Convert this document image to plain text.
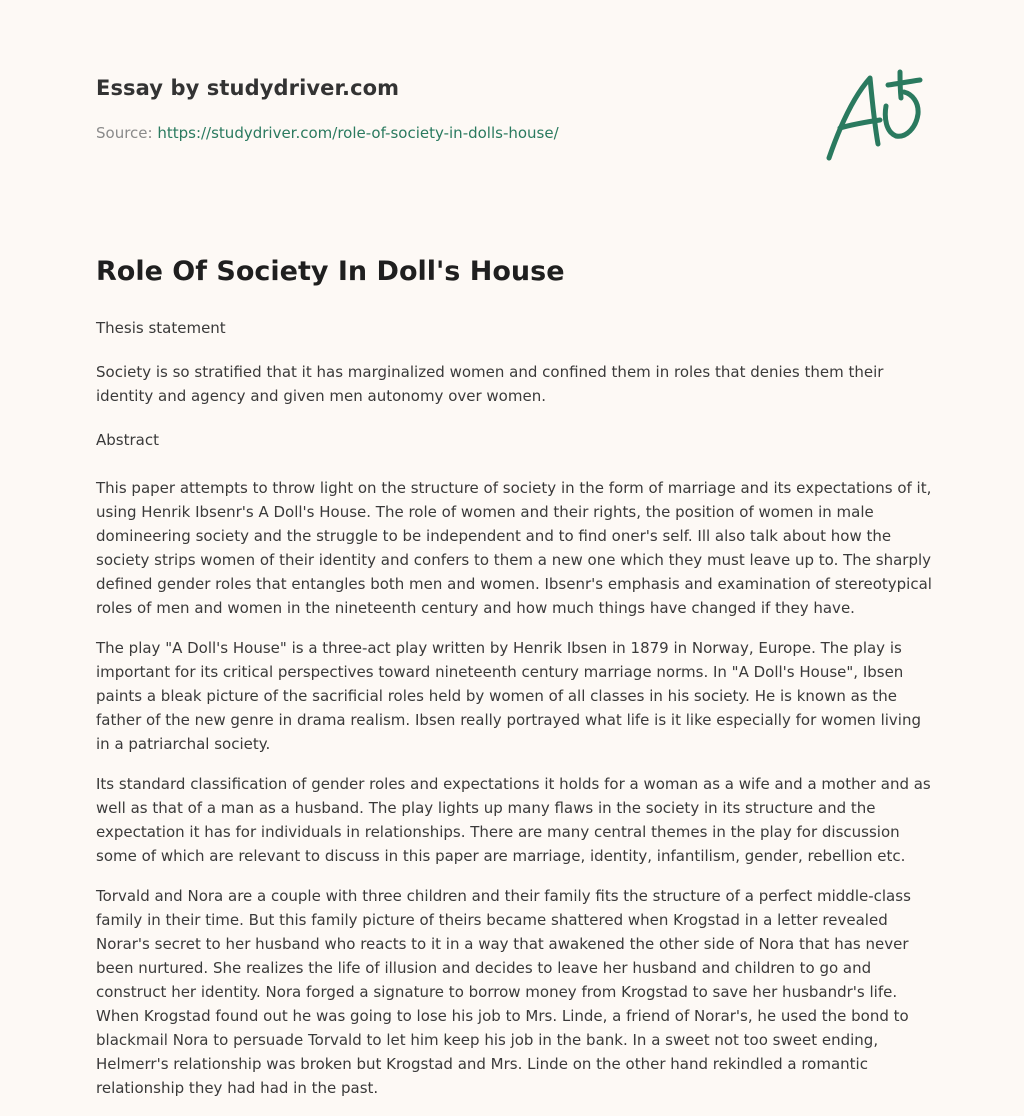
Essay by studydriver.com
Source: https://studydriver.com/role-of-society-in-dolls-house/
Role Of Society In Doll's House

Thesis statement

Society is so stratified that it has marginalized women and confined them in roles that denies them their identity and agency and given men autonomy over women.

Abstract

This paper attempts to throw light on the structure of society in the form of marriage and its expectations of it, using Henrik Ibsenr's A Doll's House. The role of women and their rights, the position of women in male domineering society and the struggle to be independent and to find oner's self. Ill also talk about how the society strips women of their identity and confers to them a new one which they must leave up to. The sharply defined gender roles that entangles both men and women. Ibsenr's emphasis and examination of stereotypical roles of men and women in the nineteenth century and how much things have changed if they have.

The play "A Doll's House" is a three-act play written by Henrik Ibsen in 1879 in Norway, Europe. The play is important for its critical perspectives toward nineteenth century marriage norms. In "A Doll's House", Ibsen paints a bleak picture of the sacrificial roles held by women of all classes in his society. He is known as the father of the new genre in drama realism. Ibsen really portrayed what life is it like especially for women living in a patriarchal society.

Its standard classification of gender roles and expectations it holds for a woman as a wife and a mother and as well as that of a man as a husband. The play lights up many flaws in the society in its structure and the expectation it has for individuals in relationships. There are many central themes in the play for discussion some of which are relevant to discuss in this paper are marriage, identity, infantilism, gender, rebellion etc.

Torvald and Nora are a couple with three children and their family fits the structure of a perfect middle-class family in their time. But this family picture of theirs became shattered when Krogstad in a letter revealed Norar's secret to her husband who reacts to it in a way that awakened the other side of Nora that has never been nurtured. She realizes the life of illusion and decides to leave her husband and children to go and construct her identity. Nora forged a signature to borrow money from Krogstad to save her husbandr's life. When Krogstad found out he was going to lose his job to Mrs. Linde, a friend of Norar's, he used the bond to blackmail Nora to persuade Torvald to let him keep his job in the bank. In a sweet not too sweet ending, Helmerr's relationship was broken but Krogstad and Mrs. Linde on the other hand rekindled a romantic relationship they had had in the past.
